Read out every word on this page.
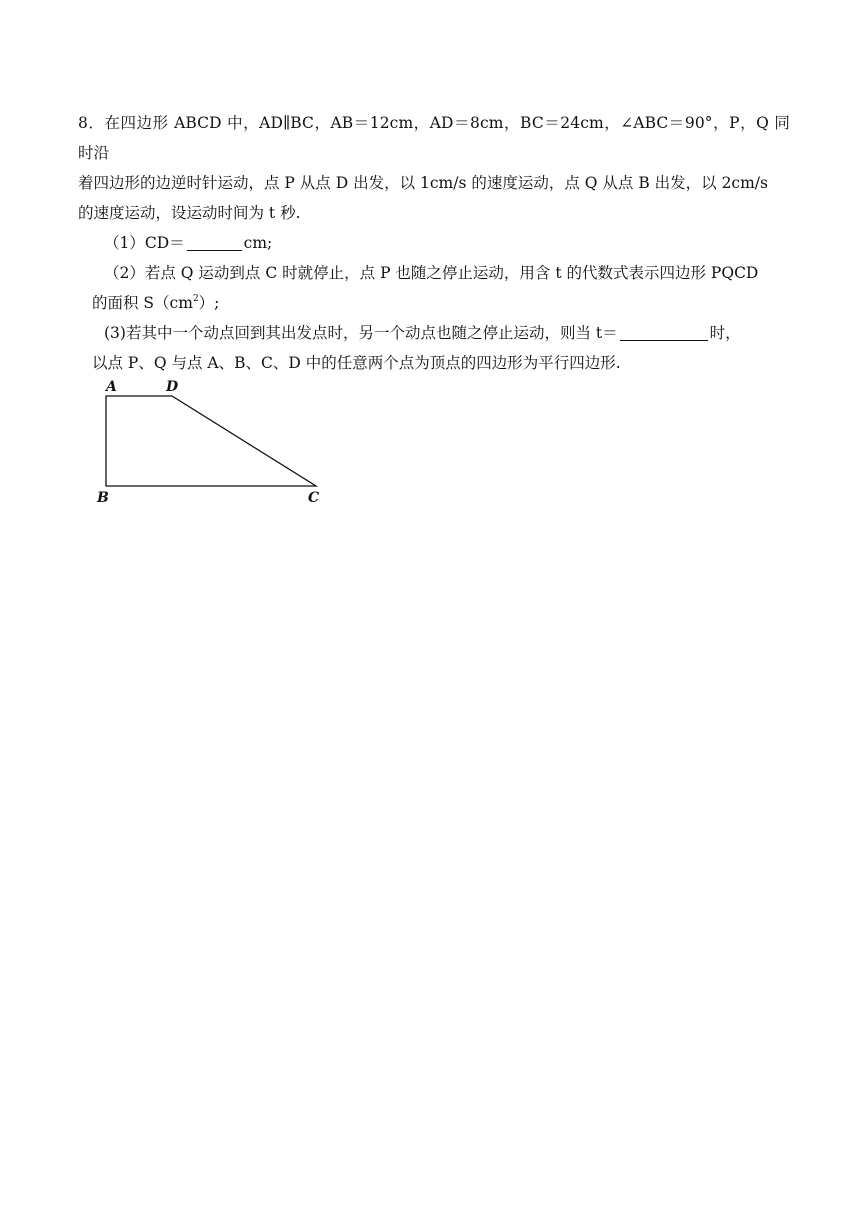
8．在四边形 ABCD 中，AD∥BC，AB＝12cm，AD＝8cm，BC＝24cm，∠ABC＝90°，P，Q 同时沿

着四边形的边逆时针运动，点 P 从点 D 出发，以 1cm/s 的速度运动，点 Q 从点 B 出发，以 2cm/s

的速度运动，设运动时间为 t 秒.

（1）CD＝	cm;

（2）若点 Q 运动到点 C 时就停止，点 P 也随之停止运动，用含 t 的代数式表示四边形 PQCD

的面积 $S(cm^2)$;

(3)若其中一个动点回到其出发点时，另一个动点也随之停止运动，则当 t＝	时，

以点 P、Q 与点 A、B、C、D 中的任意两个点为顶点的四边形为平行四边形.

A	D
B	C
